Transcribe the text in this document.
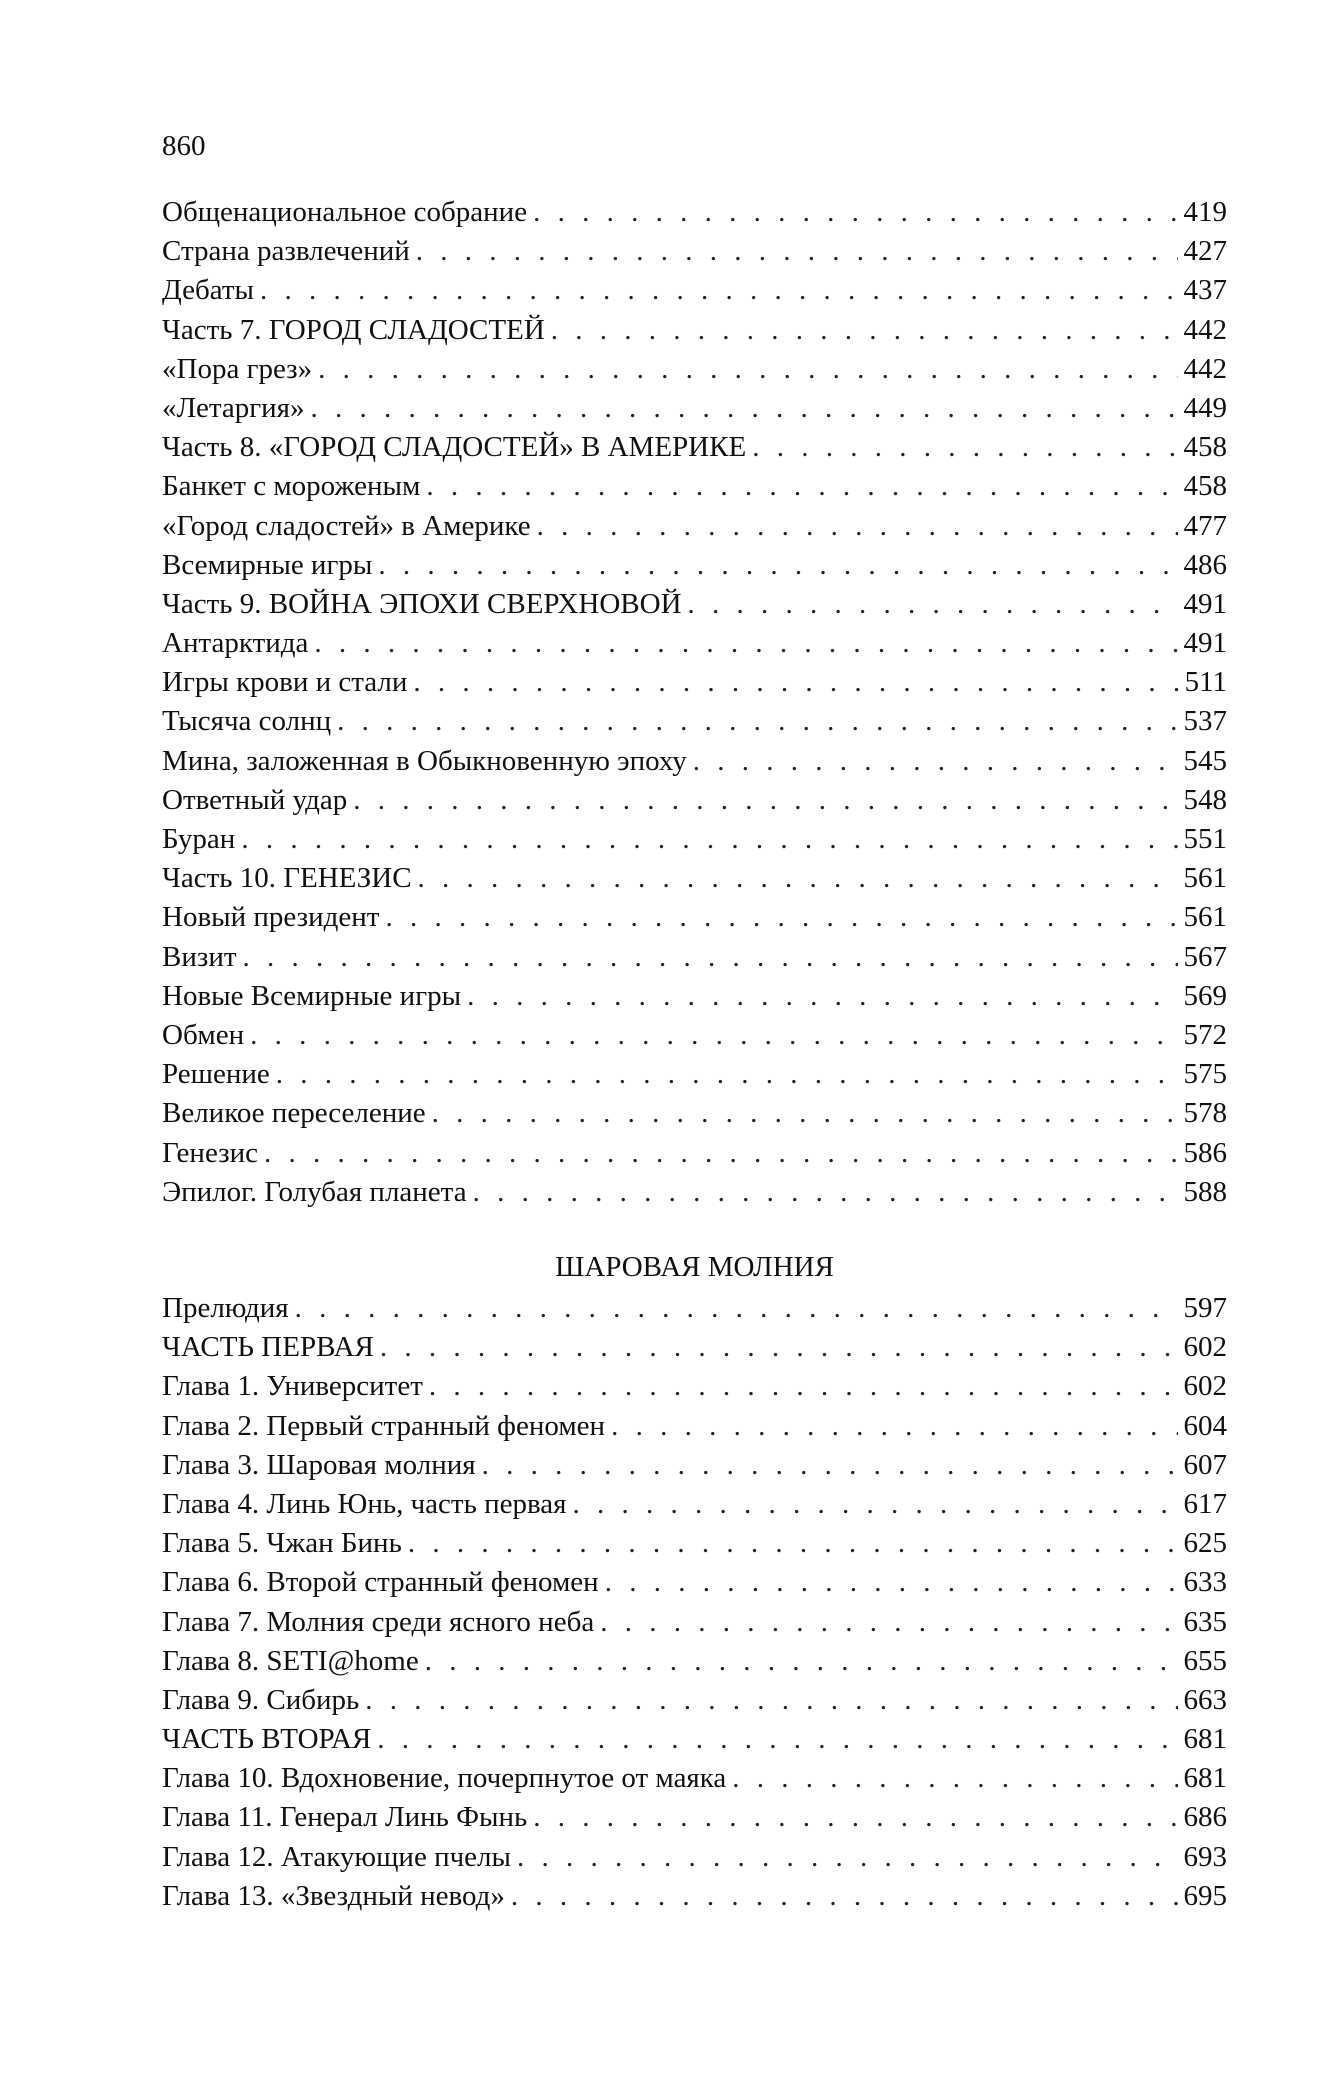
860
Общенациональное собрание . . .	419
Страна развлечений . . .	427
Дебаты . . .	437
Часть 7. ГОРОД СЛАДОСТЕЙ . . .	442
«Пора грез» . . .	442
«Летаргия» . . .	449
Часть 8. «ГОРОД СЛАДОСТЕЙ» В АМЕРИКЕ . . .	458
Банкет с мороженым . . .	458
«Город сладостей» в Америке . . .	477
Всемирные игры . . .	486
Часть 9. ВОЙНА ЭПОХИ СВЕРХНОВОЙ . . .	491
Антарктида . . .	491
Игры крови и стали . . .	511
Тысяча солнц . . .	537
Мина, заложенная в Обыкновенную эпоху . . .	545
Ответный удар . . .	548
Буран . . .	551
Часть 10. ГЕНЕЗИС . . .	561
Новый президент . . .	561
Визит . . .	567
Новые Всемирные игры . . .	569
Обмен . . .	572
Решение . . .	575
Великое переселение . . .	578
Генезис . . .	586
Эпилог. Голубая планета . . .	588
ШАРОВАЯ МОЛНИЯ
Прелюдия . . .	597
ЧАСТЬ ПЕРВАЯ . . .	602
Глава 1. Университет . . .	602
Глава 2. Первый странный феномен . . .	604
Глава 3. Шаровая молния . . .	607
Глава 4. Линь Юнь, часть первая . . .	617
Глава 5. Чжан Бинь . . .	625
Глава 6. Второй странный феномен . . .	633
Глава 7. Молния среди ясного неба . . .	635
Глава 8. SETI@home . . .	655
Глава 9. Сибирь . . .	663
ЧАСТЬ ВТОРАЯ . . .	681
Глава 10. Вдохновение, почерпнутое от маяка . . .	681
Глава 11. Генерал Линь Фынь . . .	686
Глава 12. Атакующие пчелы . . .	693
Глава 13. «Звездный невод» . . .	695
